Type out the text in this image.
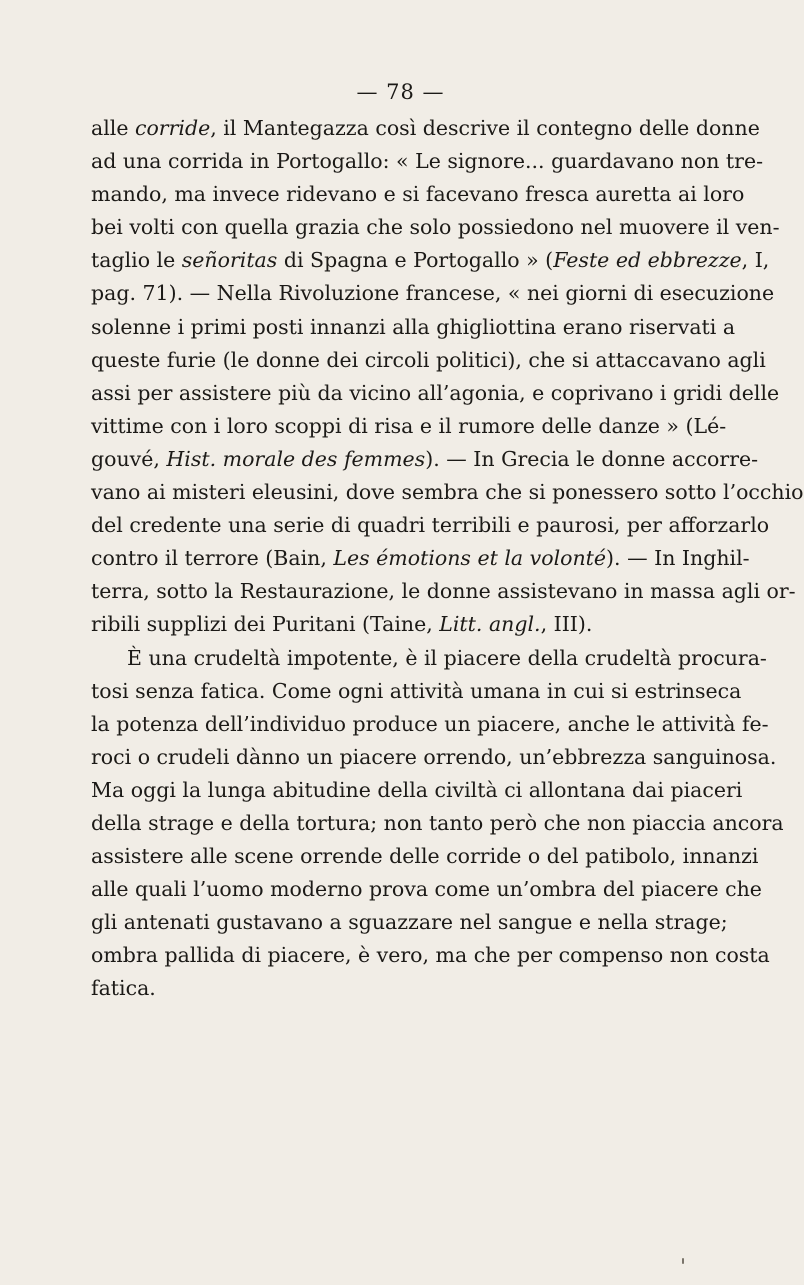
— 78 —
alle corride, il Mantegazza così descrive il contegno delle donne
ad una corrida in Portogallo: « Le signore... guardavano non tre-
mando, ma invece ridevano e si facevano fresca auretta ai loro
bei volti con quella grazia che solo possiedono nel muovere il ven-
taglio le señoritas di Spagna e Portogallo » (Feste ed ebbrezze, I,
pag. 71). — Nella Rivoluzione francese, « nei giorni di esecuzione
solenne i primi posti innanzi alla ghigliottina erano riservati a
queste furie (le donne dei circoli politici), che si attaccavano agli
assi per assistere più da vicino all’agonia, e coprivano i gridi delle
vittime con i loro scoppi di risa e il rumore delle danze » (Lé-
gouvé, Hist. morale des femmes). — In Grecia le donne accorre-
vano ai misteri eleusini, dove sembra che si ponessero sotto l’occhio
del credente una serie di quadri terribili e paurosi, per afforzarlo
contro il terrore (Bain, Les émotions et la volonté). — In Inghil-
terra, sotto la Restaurazione, le donne assistevano in massa agli or-
ribili supplizi dei Puritani (Taine, Litt. angl., III).
È una crudeltà impotente, è il piacere della crudeltà procura-
tosi senza fatica. Come ogni attività umana in cui si estrinseca
la potenza dell’individuo produce un piacere, anche le attività fe-
roci o crudeli dànno un piacere orrendo, un’ebbrezza sanguinosa.
Ma oggi la lunga abitudine della civiltà ci allontana dai piaceri
della strage e della tortura; non tanto però che non piaccia ancora
assistere alle scene orrende delle corride o del patibolo, innanzi
alle quali l’uomo moderno prova come un’ombra del piacere che
gli antenati gustavano a sguazzare nel sangue e nella strage;
ombra pallida di piacere, è vero, ma che per compenso non costa
fatica.
